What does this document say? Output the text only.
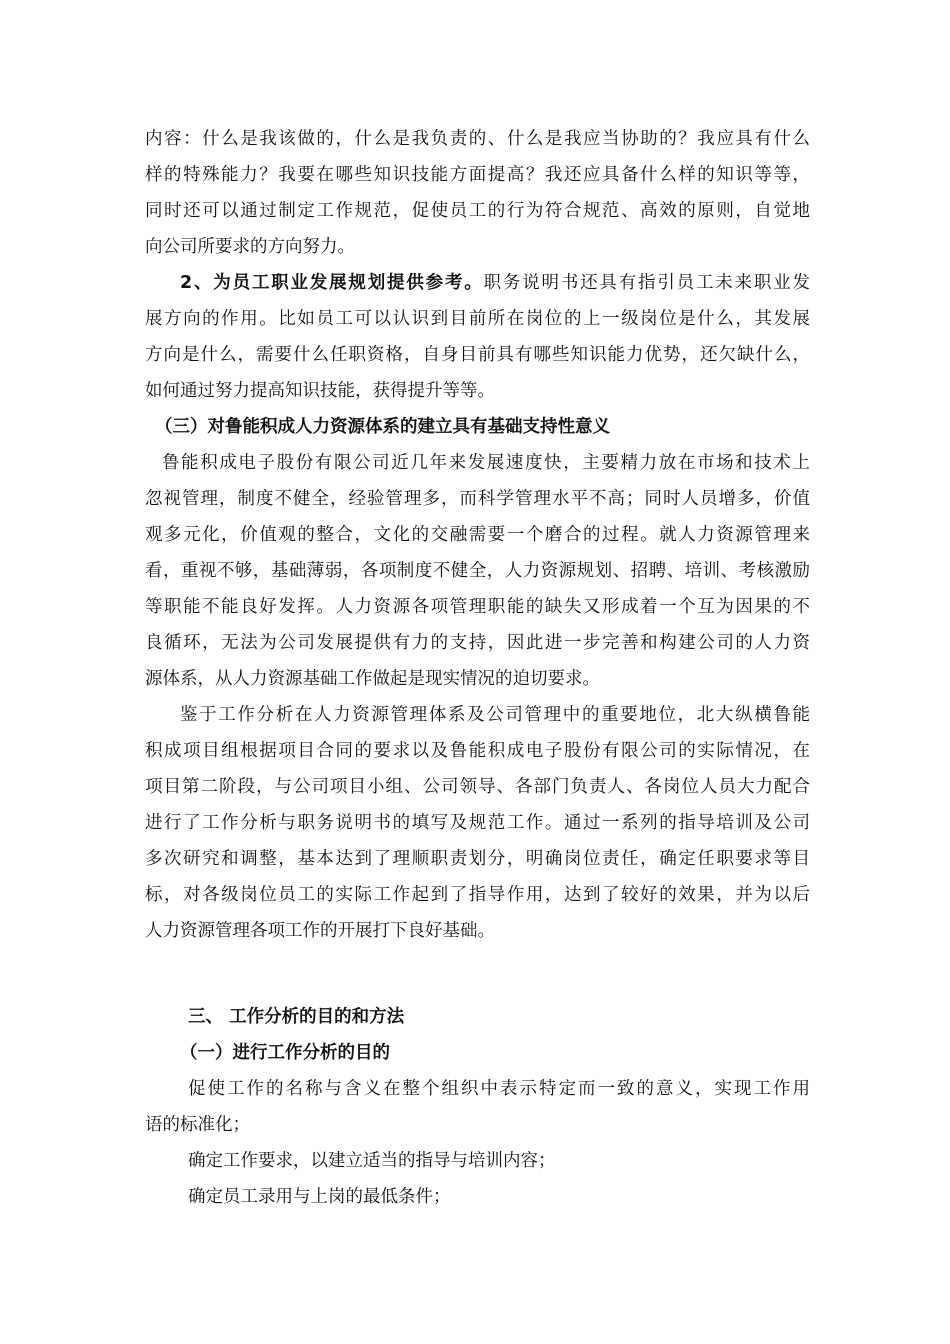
内容：什么是我该做的，什么是我负责的、什么是我应当协助的？我应具有什么
样的特殊能力？我要在哪些知识技能方面提高？我还应具备什么样的知识等等，
同时还可以通过制定工作规范，促使员工的行为符合规范、高效的原则，自觉地
向公司所要求的方向努力。
2、为员工职业发展规划提供参考。职务说明书还具有指引员工未来职业发
展方向的作用。比如员工可以认识到目前所在岗位的上一级岗位是什么，其发展
方向是什么，需要什么任职资格，自身目前具有哪些知识能力优势，还欠缺什么，
如何通过努力提高知识技能，获得提升等等。
（三）对鲁能积成人力资源体系的建立具有基础支持性意义
鲁能积成电子股份有限公司近几年来发展速度快，主要精力放在市场和技术上
忽视管理，制度不健全，经验管理多，而科学管理水平不高；同时人员增多，价值
观多元化，价值观的整合，文化的交融需要一个磨合的过程。就人力资源管理来
看，重视不够，基础薄弱，各项制度不健全，人力资源规划、招聘、培训、考核激励
等职能不能良好发挥。人力资源各项管理职能的缺失又形成着一个互为因果的不
良循环，无法为公司发展提供有力的支持，因此进一步完善和构建公司的人力资
源体系，从人力资源基础工作做起是现实情况的迫切要求。
鉴于工作分析在人力资源管理体系及公司管理中的重要地位，北大纵横鲁能
积成项目组根据项目合同的要求以及鲁能积成电子股份有限公司的实际情况，在
项目第二阶段，与公司项目小组、公司领导、各部门负责人、各岗位人员大力配合
进行了工作分析与职务说明书的填写及规范工作。通过一系列的指导培训及公司
多次研究和调整，基本达到了理顺职责划分，明确岗位责任，确定任职要求等目
标，对各级岗位员工的实际工作起到了指导作用，达到了较好的效果，并为以后
人力资源管理各项工作的开展打下良好基础。
三、 工作分析的目的和方法
（一）进行工作分析的目的
促使工作的名称与含义在整个组织中表示特定而一致的意义，实现工作用
语的标准化；
确定工作要求，以建立适当的指导与培训内容；
确定员工录用与上岗的最低条件；
